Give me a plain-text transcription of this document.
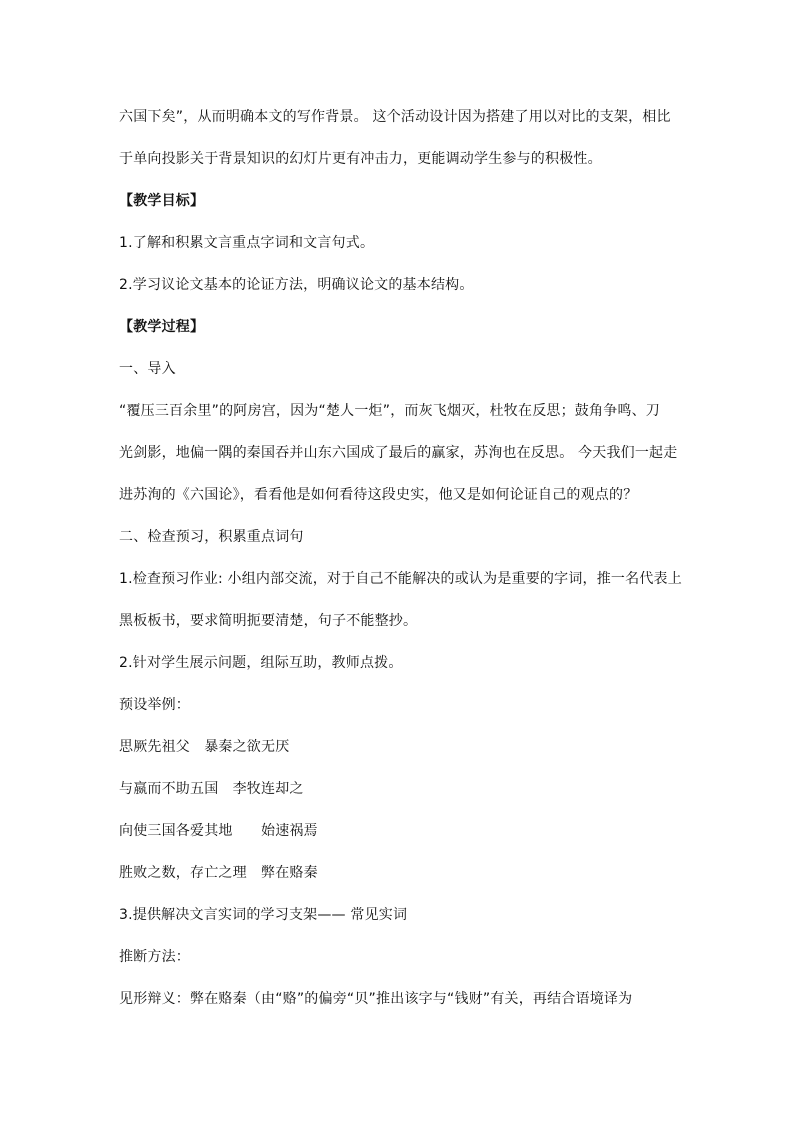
六国下矣”，从而明确本文的写作背景。 这个活动设计因为搭建了用以对比的支架，相比
于单向投影关于背景知识的幻灯片更有冲击力，更能调动学生参与的积极性。
【教学目标】
1.了解和积累文言重点字词和文言句式。
2.学习议论文基本的论证方法，明确议论文的基本结构。
【教学过程】
一、导入
“覆压三百余里”的阿房宫，因为“楚人一炬”，而灰飞烟灭，杜牧在反思；鼓角争鸣、刀
光剑影，地偏一隅的秦国吞并山东六国成了最后的赢家，苏洵也在反思。 今天我们一起走
进苏洵的《六国论》，看看他是如何看待这段史实，他又是如何论证自己的观点的？
二、检查预习，积累重点词句
1.检查预习作业: 小组内部交流，对于自己不能解决的或认为是重要的字词，推一名代表上
黑板板书，要求简明扼要清楚，句子不能整抄。
2.针对学生展示问题，组际互助，教师点拨。
预设举例：
思厥先祖父　暴秦之欲无厌
与嬴而不助五国　李牧连却之
向使三国各爱其地　　始速祸焉
胜败之数，存亡之理　弊在赂秦
3.提供解决文言实词的学习支架—— 常见实词
推断方法：
见形辩义：弊在赂秦（由“赂”的偏旁“贝”推出该字与“钱财”有关，再结合语境译为
